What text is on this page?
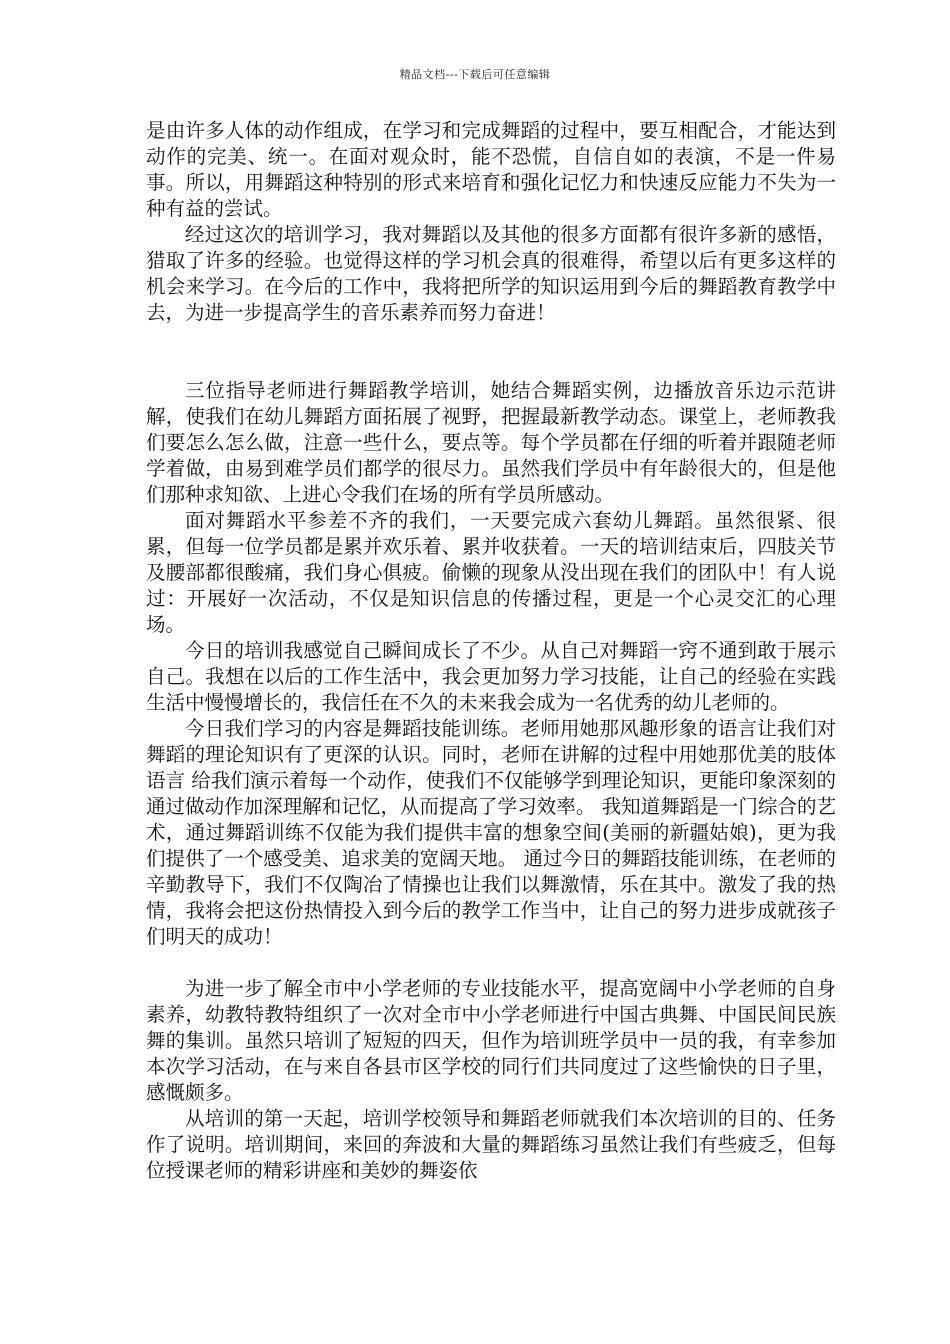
精品文档---下载后可任意编辑

是由许多人体的动作组成，在学习和完成舞蹈的过程中，要互相配合，才能达到动作的完美、统一。在面对观众时，能不恐慌，自信自如的表演，不是一件易事。所以，用舞蹈这种特别的形式来培育和强化记忆力和快速反应能力不失为一种有益的尝试。

经过这次的培训学习，我对舞蹈以及其他的很多方面都有很许多新的感悟，猎取了许多的经验。也觉得这样的学习机会真的很难得，希望以后有更多这样的机会来学习。在今后的工作中，我将把所学的知识运用到今后的舞蹈教育教学中去，为进一步提高学生的音乐素养而努力奋进！

三位指导老师进行舞蹈教学培训，她结合舞蹈实例，边播放音乐边示范讲解，使我们在幼儿舞蹈方面拓展了视野，把握最新教学动态。课堂上，老师教我们要怎么怎么做，注意一些什么，要点等。每个学员都在仔细的听着并跟随老师学着做，由易到难学员们都学的很尽力。虽然我们学员中有年龄很大的，但是他们那种求知欲、上进心令我们在场的所有学员所感动。

面对舞蹈水平参差不齐的我们，一天要完成六套幼儿舞蹈。虽然很紧、很累，但每一位学员都是累并欢乐着、累并收获着。一天的培训结束后，四肢关节及腰部都很酸痛，我们身心俱疲。偷懒的现象从没出现在我们的团队中！有人说过：开展好一次活动，不仅是知识信息的传播过程，更是一个心灵交汇的心理场。

今日的培训我感觉自己瞬间成长了不少。从自己对舞蹈一窍不通到敢于展示自己。我想在以后的工作生活中，我会更加努力学习技能，让自己的经验在实践生活中慢慢增长的，我信任在不久的未来我会成为一名优秀的幼儿老师的。

今日我们学习的内容是舞蹈技能训练。老师用她那风趣形象的语言让我们对舞蹈的理论知识有了更深的认识。同时，老师在讲解的过程中用她那优美的肢体语言 给我们演示着每一个动作，使我们不仅能够学到理论知识，更能印象深刻的通过做动作加深理解和记忆，从而提高了学习效率。 我知道舞蹈是一门综合的艺术，通过舞蹈训练不仅能为我们提供丰富的想象空间(美丽的新疆姑娘)，更为我们提供了一个感受美、追求美的宽阔天地。 通过今日的舞蹈技能训练，在老师的辛勤教导下，我们不仅陶冶了情操也让我们以舞激情，乐在其中。激发了我的热情，我将会把这份热情投入到今后的教学工作当中，让自己的努力进步成就孩子们明天的成功！

为进一步了解全市中小学老师的专业技能水平，提高宽阔中小学老师的自身素养，幼教特教特组织了一次对全市中小学老师进行中国古典舞、中国民间民族舞的集训。虽然只培训了短短的四天，但作为培训班学员中一员的我，有幸参加本次学习活动，在与来自各县市区学校的同行们共同度过了这些愉快的日子里，感慨颇多。

从培训的第一天起，培训学校领导和舞蹈老师就我们本次培训的目的、任务作了说明。培训期间，来回的奔波和大量的舞蹈练习虽然让我们有些疲乏，但每位授课老师的精彩讲座和美妙的舞姿依
